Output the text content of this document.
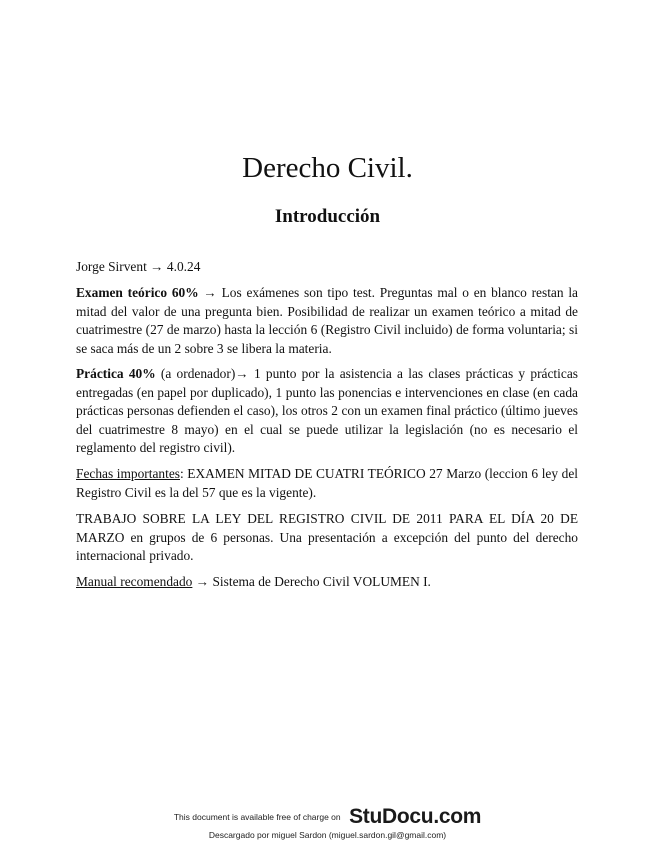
Derecho Civil.
Introducción

Jorge Sirvent → 4.0.24

Examen teórico 60% → Los exámenes son tipo test. Preguntas mal o en blanco restan la mitad del valor de una pregunta bien. Posibilidad de realizar un examen teórico a mitad de cuatrimestre (27 de marzo) hasta la lección 6 (Registro Civil incluido) de forma voluntaria; si se saca más de un 2 sobre 3 se libera la materia.

Práctica 40% (a ordenador)→ 1 punto por la asistencia a las clases prácticas y prácticas entregadas (en papel por duplicado), 1 punto las ponencias e intervenciones en clase (en cada prácticas personas defienden el caso), los otros 2 con un examen final práctico (último jueves del cuatrimestre 8 mayo) en el cual se puede utilizar la legislación (no es necesario el reglamento del registro civil).

Fechas importantes: EXAMEN MITAD DE CUATRI TEÓRICO 27 Marzo (leccion 6 ley del Registro Civil es la del 57 que es la vigente).

TRABAJO SOBRE LA LEY DEL REGISTRO CIVIL DE 2011 PARA EL DÍA 20 DE MARZO en grupos de 6 personas. Una presentación a excepción del punto del derecho internacional privado.

Manual recomendado → Sistema de Derecho Civil VOLUMEN I.

This document is available free of charge on StuDocu.com
Descargado por miguel Sardon (miguel.sardon.gil@gmail.com)
